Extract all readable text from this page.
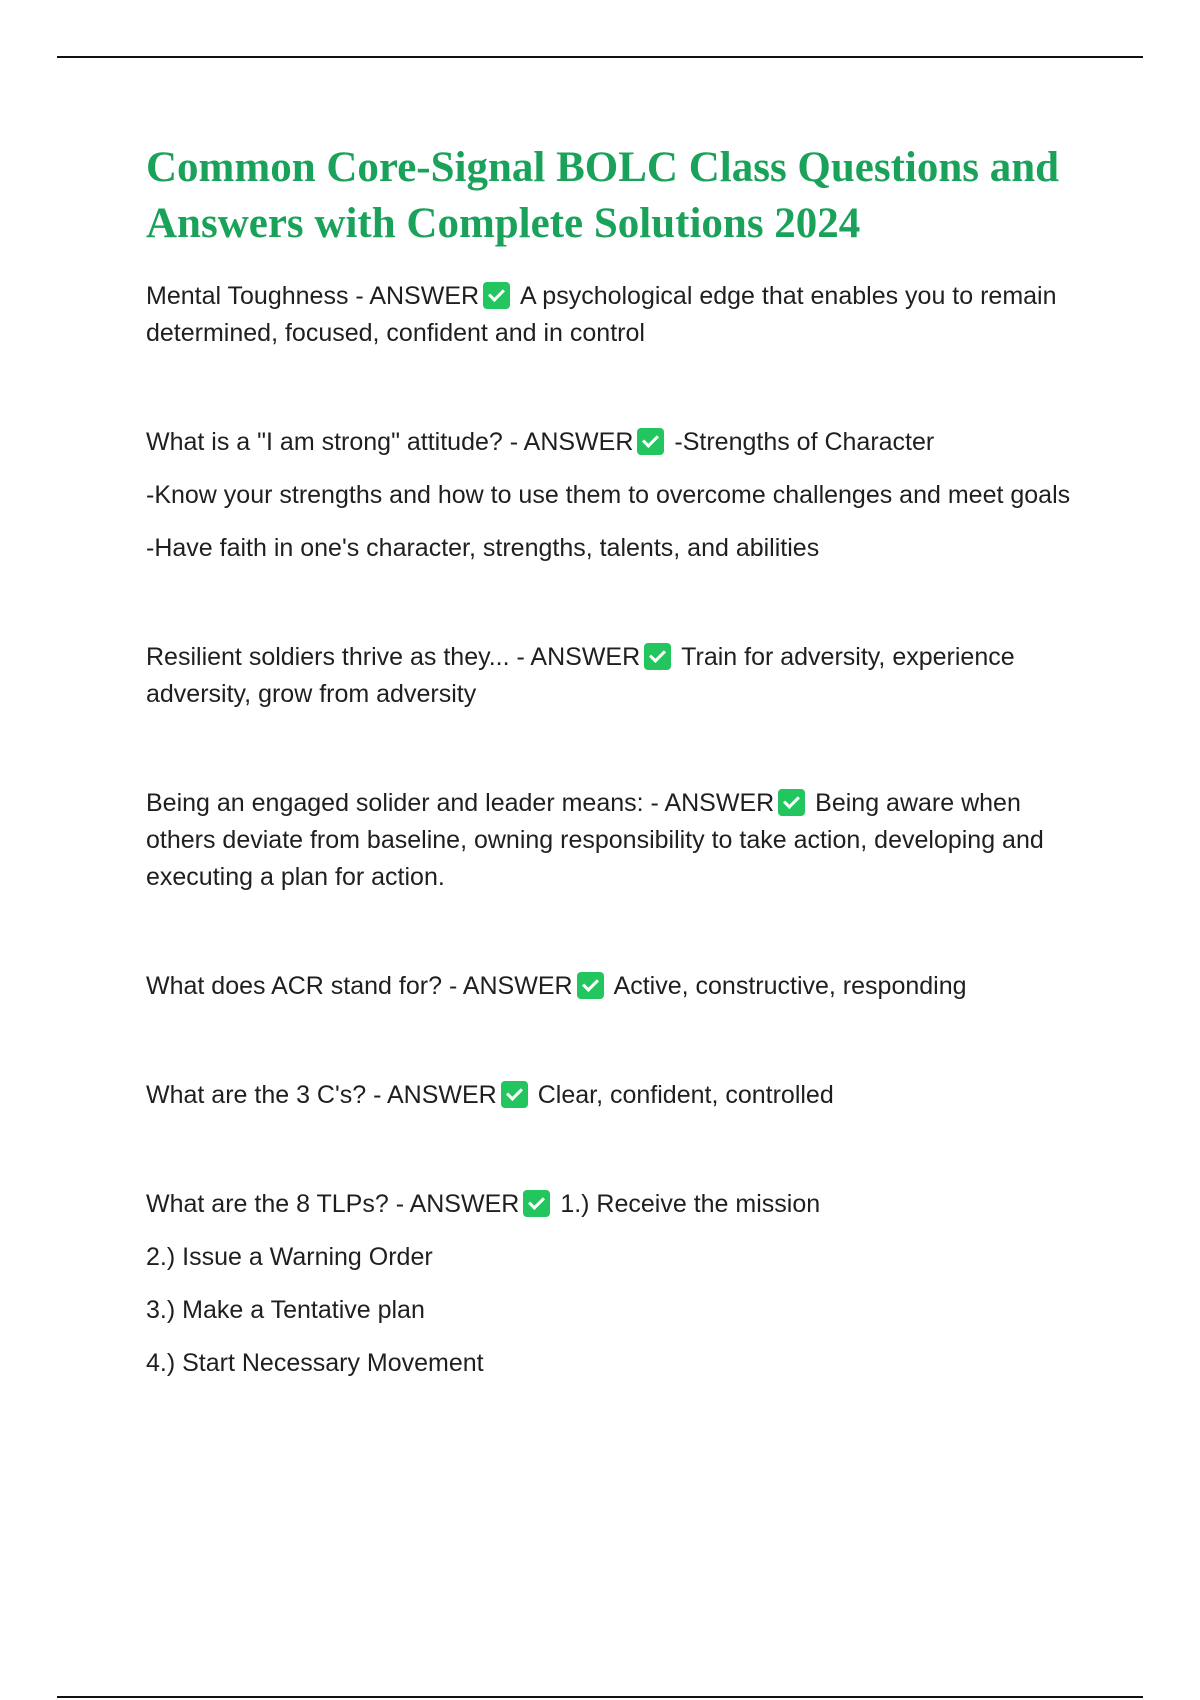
Common Core-Signal BOLC Class Questions and Answers with Complete Solutions 2024

Mental Toughness - ANSWER A psychological edge that enables you to remain determined, focused, confident and in control

What is a "I am strong" attitude? - ANSWER -Strengths of Character

-Know your strengths and how to use them to overcome challenges and meet goals

-Have faith in one's character, strengths, talents, and abilities

Resilient soldiers thrive as they... - ANSWER Train for adversity, experience adversity, grow from adversity

Being an engaged solider and leader means: - ANSWER Being aware when others deviate from baseline, owning responsibility to take action, developing and executing a plan for action.

What does ACR stand for? - ANSWER Active, constructive, responding

What are the 3 C's? - ANSWER Clear, confident, controlled

What are the 8 TLPs? - ANSWER 1.) Receive the mission

2.) Issue a Warning Order

3.) Make a Tentative plan

4.) Start Necessary Movement
